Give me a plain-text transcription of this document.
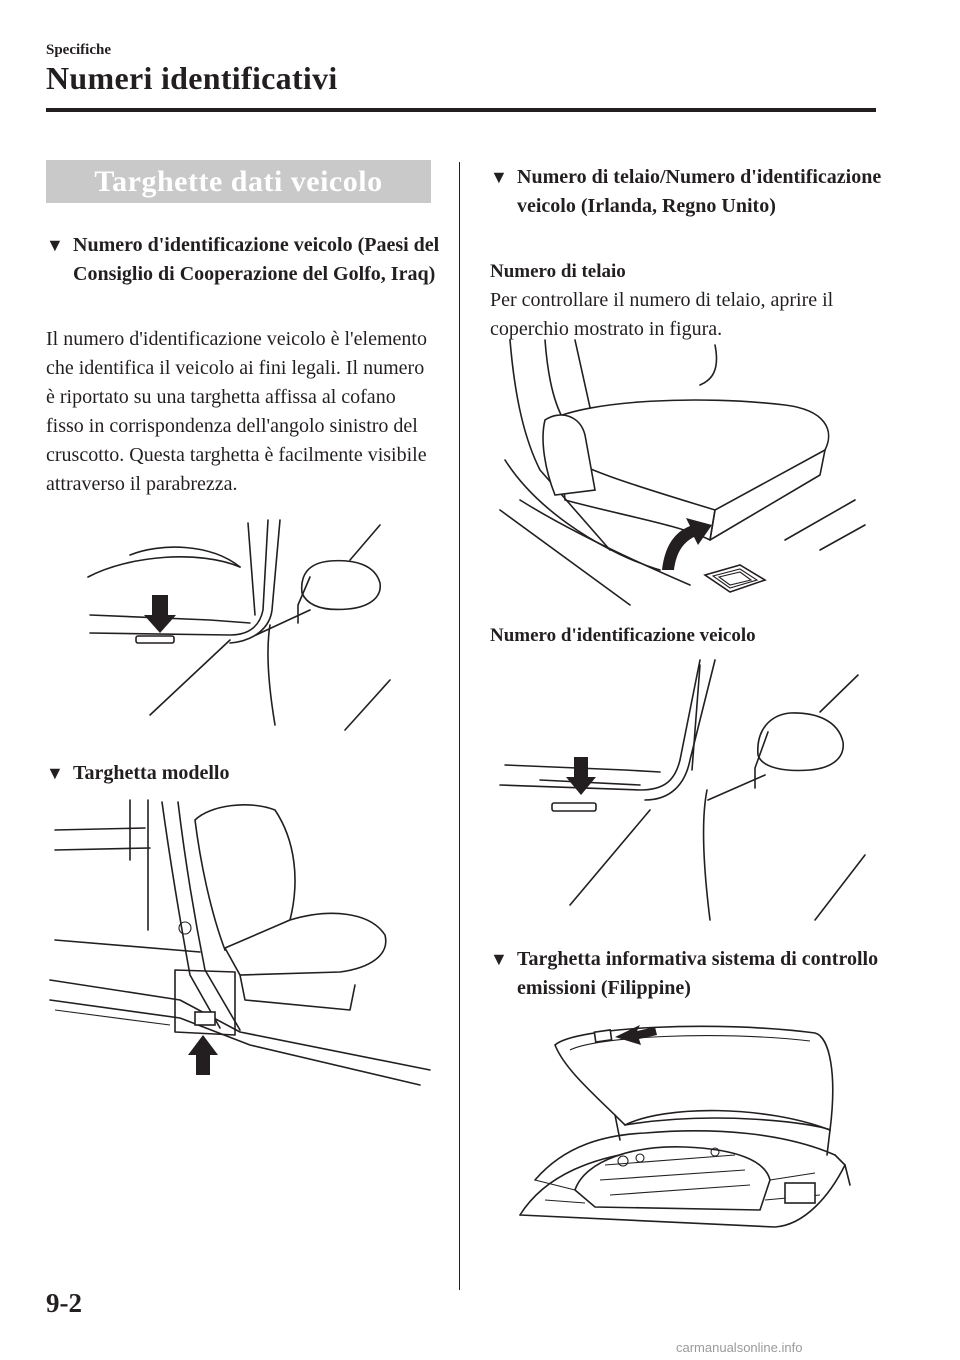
Specifiche
Numeri identificativi
Targhette dati veicolo
▼ Numero d'identificazione veicolo (Paesi del Consiglio di Cooperazione del Golfo, Iraq)
Il numero d'identificazione veicolo è l'elemento che identifica il veicolo ai fini legali. Il numero è riportato su una targhetta affissa al cofano fisso in corrispondenza dell'angolo sinistro del cruscotto. Questa targhetta è facilmente visibile attraverso il parabrezza.
▼ Targhetta modello
▼ Numero di telaio/Numero d'identificazione veicolo (Irlanda, Regno Unito)
Numero di telaio
Per controllare il numero di telaio, aprire il coperchio mostrato in figura.
Numero d'identificazione veicolo
▼ Targhetta informativa sistema di controllo emissioni (Filippine)
9-2
carmanualsonline.info
